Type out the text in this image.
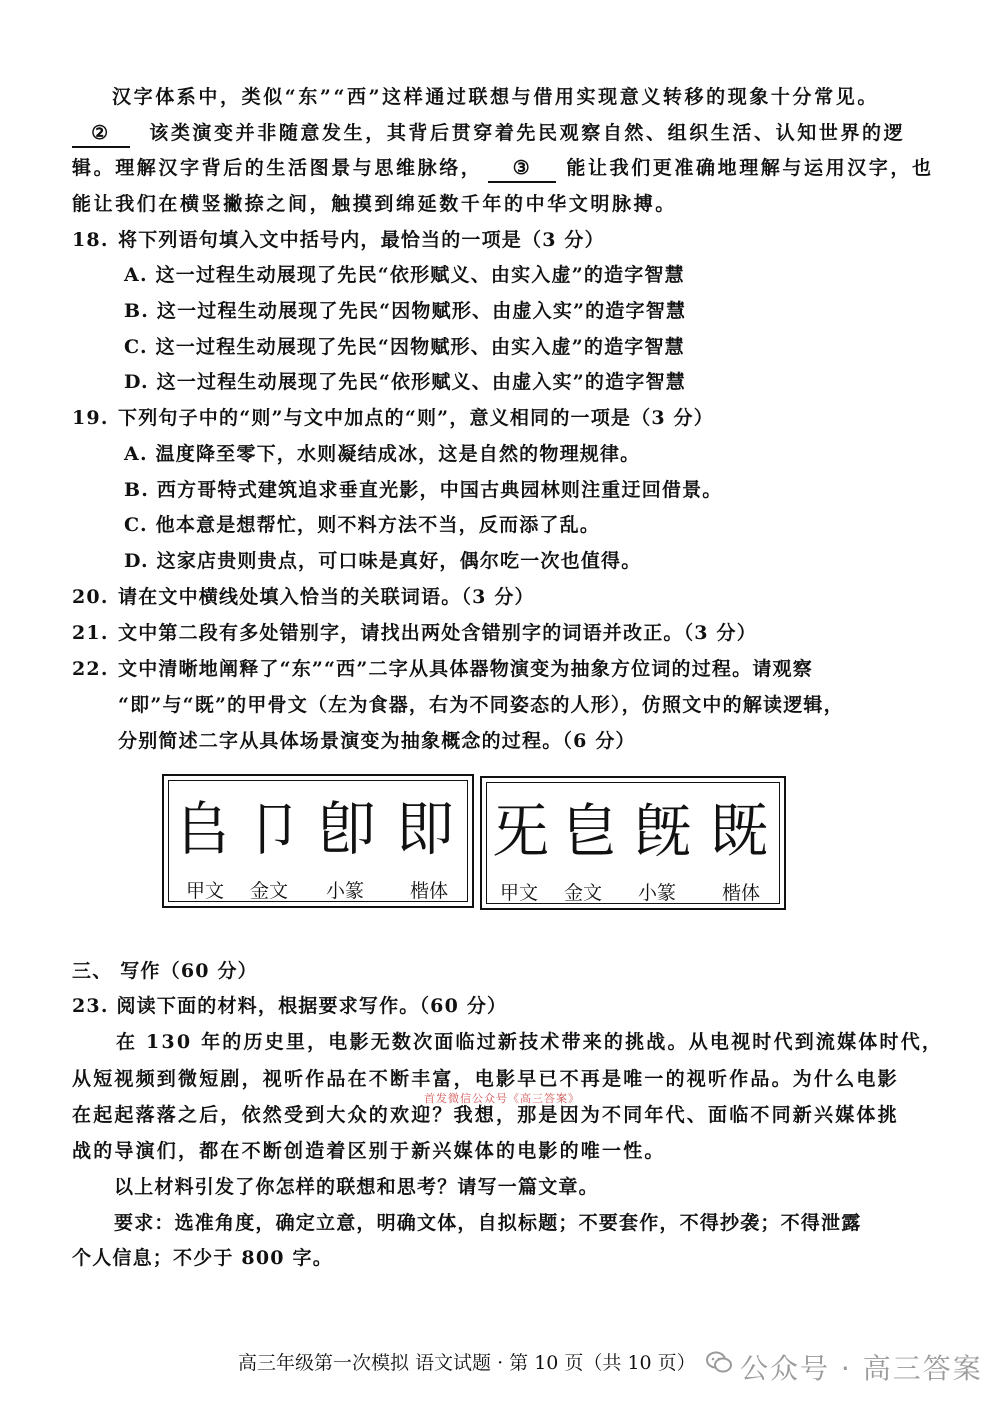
汉字体系中，类似“东”“西”这样通过联想与借用实现意义转移的现象十分常见。
② 该类演变并非随意发生，其背后贯穿着先民观察自然、组织生活、认知世界的逻
辑。理解汉字背后的生活图景与思维脉络， ③ 能让我们更准确地理解与运用汉字，也
能让我们在横竖撇捺之间，触摸到绵延数千年的中华文明脉搏。
18. 将下列语句填入文中括号内，最恰当的一项是（3 分）
A. 这一过程生动展现了先民“依形赋义、由实入虚”的造字智慧
B. 这一过程生动展现了先民“因物赋形、由虚入实”的造字智慧
C. 这一过程生动展现了先民“因物赋形、由实入虚”的造字智慧
D. 这一过程生动展现了先民“依形赋义、由虚入实”的造字智慧
19. 下列句子中的“则”与文中加点的“则”，意义相同的一项是（3 分）
A. 温度降至零下，水则凝结成冰，这是自然的物理规律。
B. 西方哥特式建筑追求垂直光影，中国古典园林则注重迂回借景。
C. 他本意是想帮忙，则不料方法不当，反而添了乱。
D. 这家店贵则贵点，可口味是真好，偶尔吃一次也值得。
20. 请在文中横线处填入恰当的关联词语。（3 分）
21. 文中第二段有多处错别字，请找出两处含错别字的词语并改正。（3 分）
22. 文中清晰地阐释了“东”“西”二字从具体器物演变为抽象方位词的过程。请观察
“即”与“既”的甲骨文（左为食器，右为不同姿态的人形），仿照文中的解读逻辑，
分别简述二字从具体场景演变为抽象概念的过程。（6 分）
𠂤 卩 卽 即
甲文 金文 小篆 楷体
旡 皀 旣 既
甲文 金文 小篆 楷体
三、 写作（60 分）
23. 阅读下面的材料，根据要求写作。（60 分）
在 130 年的历史里，电影无数次面临过新技术带来的挑战。从电视时代到流媒体时代，
从短视频到微短剧，视听作品在不断丰富，电影早已不再是唯一的视听作品。为什么电影
首发微信公众号《高三答案》
在起起落落之后，依然受到大众的欢迎？我想，那是因为不同年代、面临不同新兴媒体挑
战的导演们，都在不断创造着区别于新兴媒体的电影的唯一性。
以上材料引发了你怎样的联想和思考？请写一篇文章。
要求：选准角度，确定立意，明确文体，自拟标题；不要套作，不得抄袭；不得泄露
个人信息；不少于 800 字。
高三年级第一次模拟 语文试题 · 第 10 页（共 10 页） 公众号 · 高三答案
